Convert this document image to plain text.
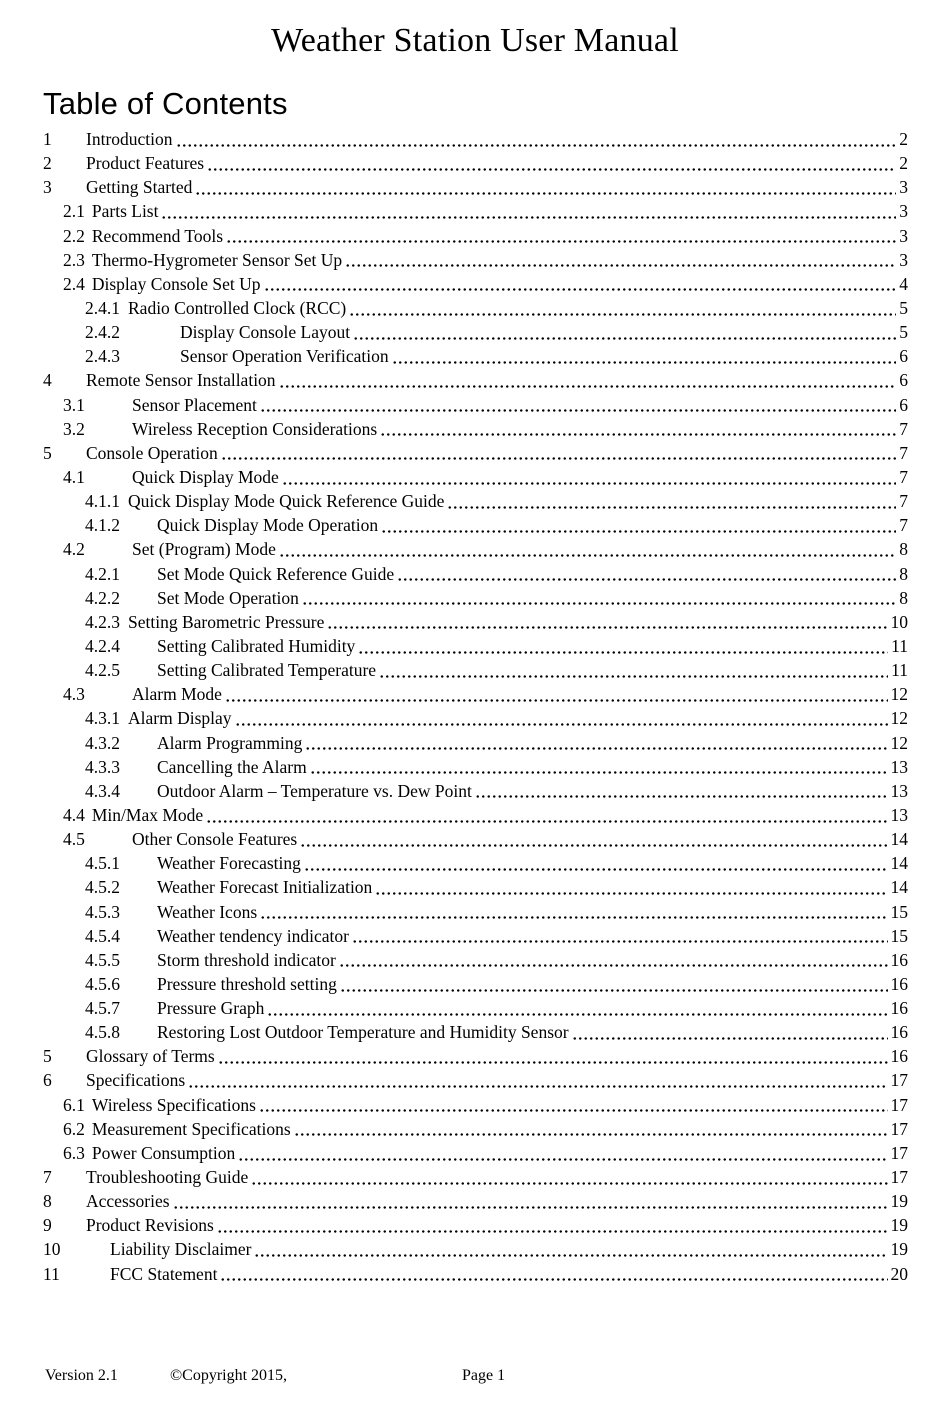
Weather Station User Manual
Table of Contents
1	Introduction	2
2	Product Features	2
3	Getting Started	3
2.1 Parts List	3
2.2 Recommend Tools	3
2.3 Thermo-Hygrometer Sensor Set Up	3
2.4 Display Console Set Up	4
2.4.1 Radio Controlled Clock (RCC)	5
2.4.2	Display Console Layout	5
2.4.3	Sensor Operation Verification	6
4	Remote Sensor Installation	6
3.1	Sensor Placement	6
3.2	Wireless Reception Considerations	7
5	Console Operation	7
4.1	Quick Display Mode	7
4.1.1 Quick Display Mode Quick Reference Guide	7
4.1.2	Quick Display Mode Operation	7
4.2	Set (Program) Mode	8
4.2.1	Set Mode Quick Reference Guide	8
4.2.2	Set Mode Operation	8
4.2.3 Setting Barometric Pressure	10
4.2.4	Setting Calibrated Humidity	11
4.2.5	Setting Calibrated Temperature	11
4.3	Alarm Mode	12
4.3.1 Alarm Display	12
4.3.2	Alarm Programming	12
4.3.3	Cancelling the Alarm	13
4.3.4	Outdoor Alarm – Temperature vs. Dew Point	13
4.4 Min/Max Mode	13
4.5	Other Console Features	14
4.5.1	Weather Forecasting	14
4.5.2	Weather Forecast Initialization	14
4.5.3	Weather Icons	15
4.5.4	Weather tendency indicator	15
4.5.5	Storm threshold indicator	16
4.5.6	Pressure threshold setting	16
4.5.7	Pressure Graph	16
4.5.8	Restoring Lost Outdoor Temperature and Humidity Sensor	16
5	Glossary of Terms	16
6	Specifications	17
6.1 Wireless Specifications	17
6.2 Measurement Specifications	17
6.3 Power Consumption	17
7	Troubleshooting Guide	17
8	Accessories	19
9	Product Revisions	19
10	Liability Disclaimer	19
11	FCC Statement	20
Version 2.1	©Copyright 2015,	Page 1
